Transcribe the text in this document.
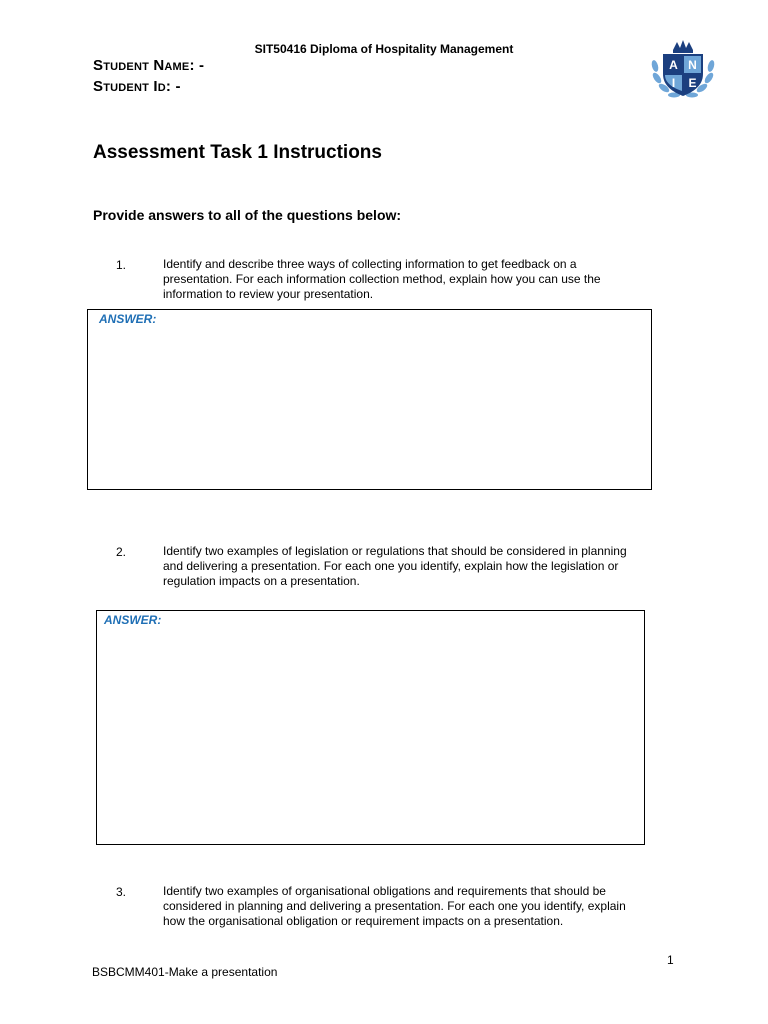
SIT50416 Diploma of Hospitality Management
Student Name: -
Student Id: -
A N
I E
Assessment Task 1 Instructions
Provide answers to all of the questions below:
1.	Identify and describe three ways of collecting information to get feedback on a
presentation. For each information collection method, explain how you can use the
information to review your presentation.
ANSWER:
2.	Identify two examples of legislation or regulations that should be considered in planning
and delivering a presentation. For each one you identify, explain how the legislation or
regulation impacts on a presentation.
ANSWER:
3.	Identify two examples of organisational obligations and requirements that should be
considered in planning and delivering a presentation. For each one you identify, explain
how the organisational obligation or requirement impacts on a presentation.
1
BSBCMM401-Make a presentation
